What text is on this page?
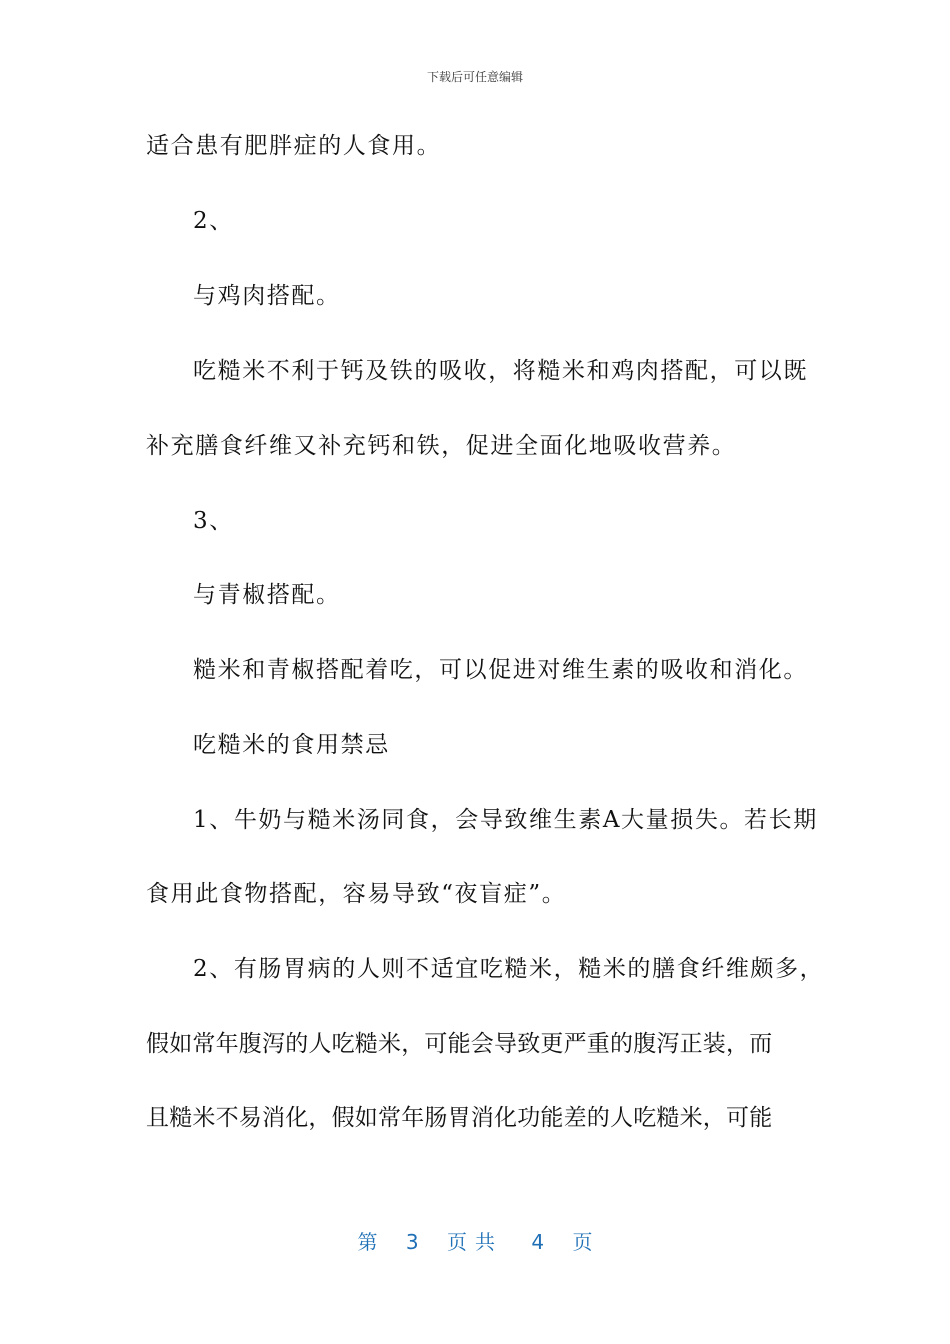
下载后可任意编辑
适合患有肥胖症的人食用。
2、
与鸡肉搭配。
吃糙米不利于钙及铁的吸收，将糙米和鸡肉搭配，可以既
补充膳食纤维又补充钙和铁，促进全面化地吸收营养。
3、
与青椒搭配。
糙米和青椒搭配着吃，可以促进对维生素的吸收和消化。
吃糙米的食用禁忌
1、牛奶与糙米汤同食，会导致维生素A大量损失。若长期
食用此食物搭配，容易导致“夜盲症”。
2、有肠胃病的人则不适宜吃糙米，糙米的膳食纤维颇多，
假如常年腹泻的人吃糙米，可能会导致更严重的腹泻正装，而
且糙米不易消化，假如常年肠胃消化功能差的人吃糙米，可能
第 3 页共 4 页
